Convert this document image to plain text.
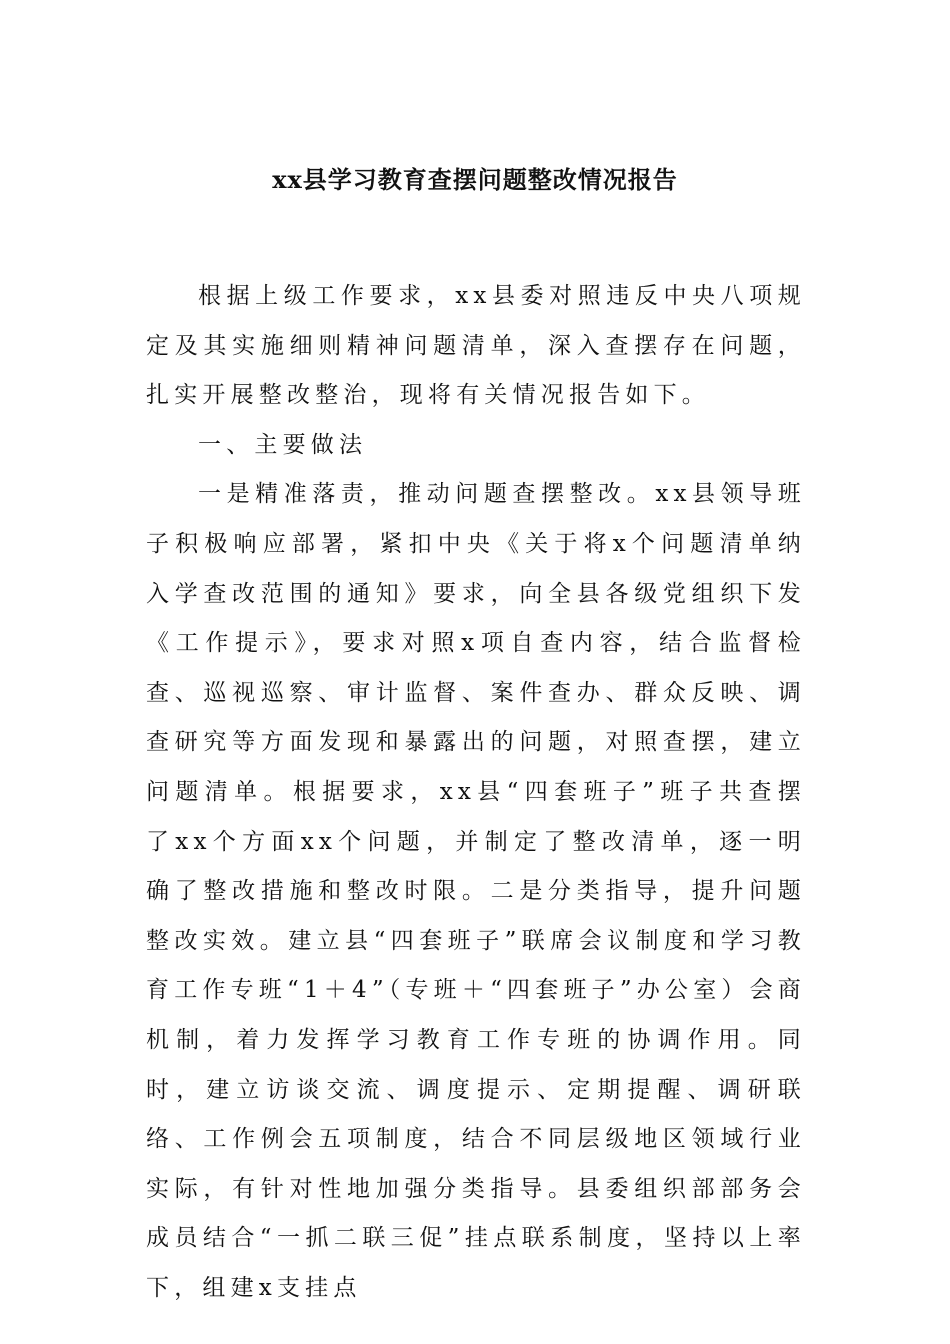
xx县学习教育查摆问题整改情况报告

根据上级工作要求，xx县委对照违反中央八项规定及其实施细则精神问题清单，深入查摆存在问题，扎实开展整改整治，现将有关情况报告如下。

一、主要做法

一是精准落责，推动问题查摆整改。xx县领导班子积极响应部署，紧扣中央《关于将x个问题清单纳入学查改范围的通知》要求，向全县各级党组织下发《工作提示》，要求对照x项自查内容，结合监督检查、巡视巡察、审计监督、案件查办、群众反映、调查研究等方面发现和暴露出的问题，对照查摆，建立问题清单。根据要求，xx县“四套班子”班子共查摆了xx个方面xx个问题，并制定了整改清单，逐一明确了整改措施和整改时限。二是分类指导，提升问题整改实效。建立县“四套班子”联席会议制度和学习教育工作专班“1＋4”（专班＋“四套班子”办公室）会商机制，着力发挥学习教育工作专班的协调作用。同时，建立访谈交流、调度提示、定期提醒、调研联络、工作例会五项制度，结合不同层级地区领域行业实际，有针对性地加强分类指导。县委组织部部务会成员结合“一抓二联三促”挂点联系制度，坚持以上率下，组建x支挂点
